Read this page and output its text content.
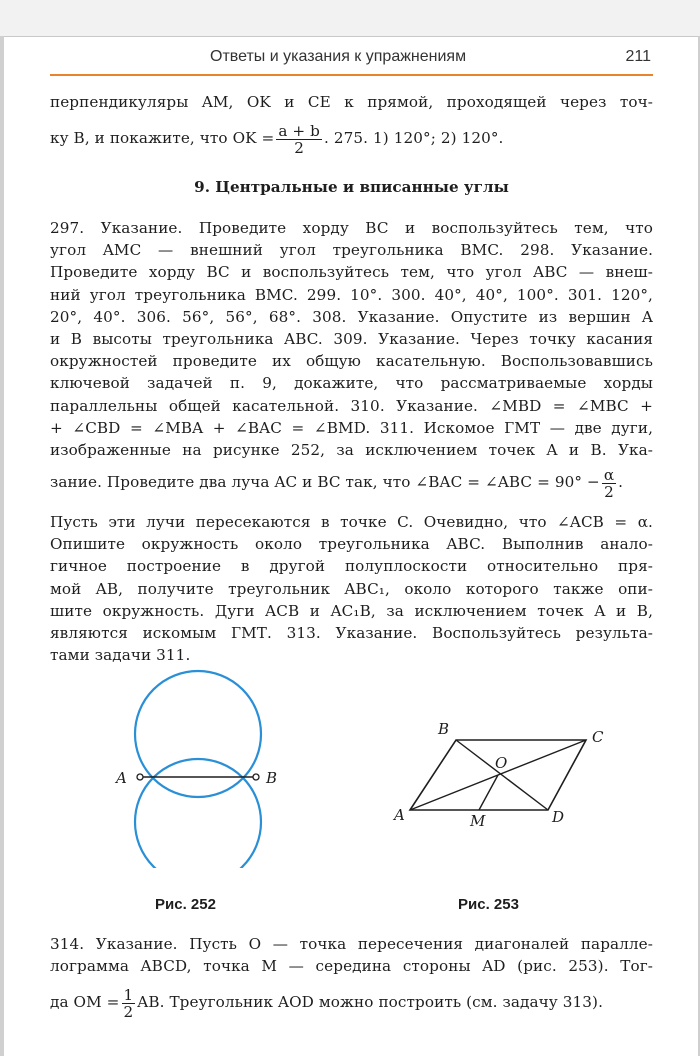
Ответы и указания к упражнениям	211
перпендикуляры AM, OK и CE к прямой, проходящей через точ-
ку B, и покажите, что OK = $\frac{a + b}{2}$ . 275. 1) 120°; 2) 120°.
9. Центральные и вписанные углы
297. Указание. Проведите хорду BC и воспользуйтесь тем, что
угол AMC — внешний угол треугольника BMC. 298. Указание.
Проведите хорду BC и воспользуйтесь тем, что угол ABC — внеш-
ний угол треугольника BMC. 299. 10°. 300. 40°, 40°, 100°. 301. 120°,
20°, 40°. 306. 56°, 56°, 68°. 308. Указание. Опустите из вершин A
и B высоты треугольника ABC. 309. Указание. Через точку касания
окружностей проведите их общую касательную. Воспользовавшись
ключевой задачей п. 9, докажите, что рассматриваемые хорды
параллельны общей касательной. 310. Указание. ∠MBD = ∠MBC +
+ ∠CBD = ∠MBA + ∠BAC = ∠BMD. 311. Искомое ГМТ — две дуги,
изображенные на рисунке 252, за исключением точек A и B. Ука-
зание. Проведите два луча AC и BC так, что ∠BAC = ∠ABC = $90^\circ - \frac{\alpha}{2}$ .
Пусть эти лучи пересекаются в точке C. Очевидно, что ∠ACB = α.
Опишите окружность около треугольника ABC. Выполнив анало-
гичное построение в другой полуплоскости относительно пря-
мой AB, получите треугольник ABC₁, около которого также опи-
шите окружность. Дуги ACB и AC₁B, за исключением точек A и B,
являются искомым ГМТ. 313. Указание. Воспользуйтесь результа-
тами задачи 311.
A	B
Рис. 252
B	C
A	D
O
M
Рис. 253
314. Указание. Пусть O — точка пересечения диагоналей паралле-
лограмма ABCD, точка M — середина стороны AD (рис. 253). Тог-
да OM = $\frac{1}{2}$ AB. Треугольник AOD можно построить (см. задачу 313).
